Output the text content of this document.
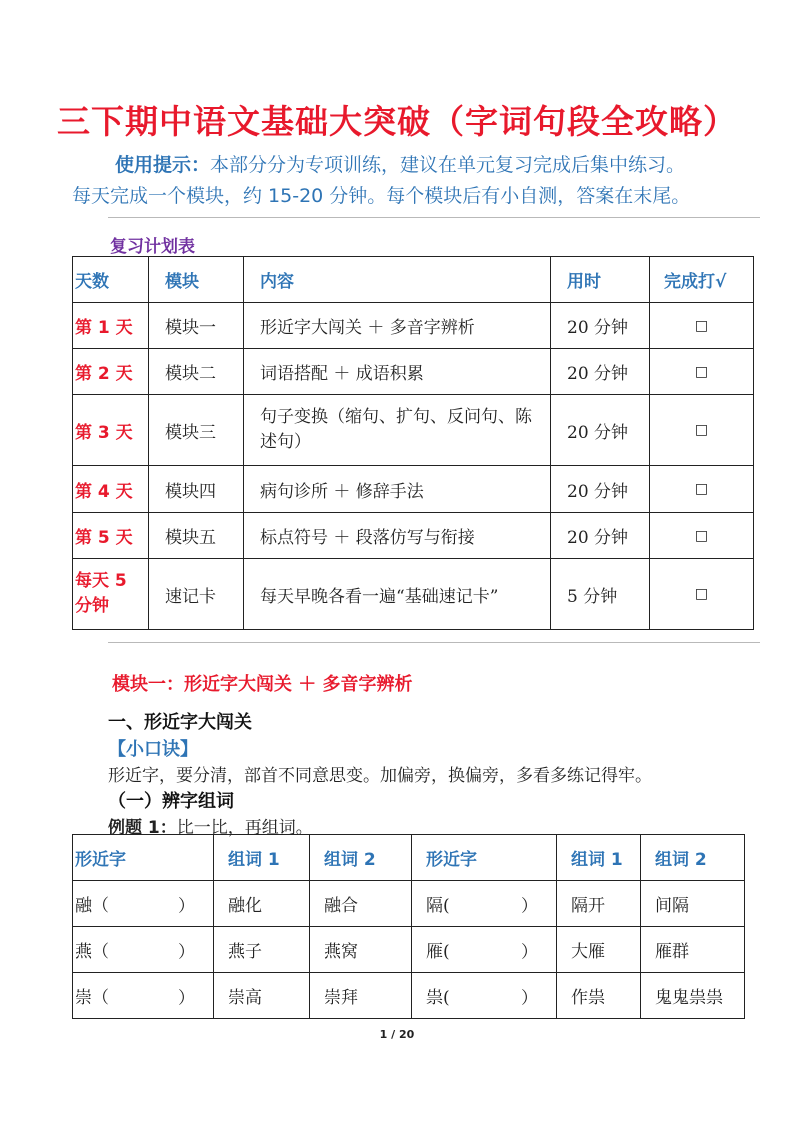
三下期中语文基础大突破（字词句段全攻略）
使用提示：本部分分为专项训练，建议在单元复习完成后集中练习。
每天完成一个模块，约 15-20 分钟。每个模块后有小自测，答案在末尾。
复习计划表
天数	模块	内容	用时	完成打√
第 1 天	模块一	形近字大闯关 ＋ 多音字辨析	20 分钟	□
第 2 天	模块二	词语搭配 ＋ 成语积累	20 分钟	□
第 3 天	模块三	句子变换（缩句、扩句、反问句、陈述句）	20 分钟	□
第 4 天	模块四	病句诊所 ＋ 修辞手法	20 分钟	□
第 5 天	模块五	标点符号 ＋ 段落仿写与衔接	20 分钟	□
每天 5 分钟	速记卡	每天早晚各看一遍“基础速记卡”	5 分钟	□
模块一：形近字大闯关 ＋ 多音字辨析
一、形近字大闯关
【小口诀】
形近字，要分清，部首不同意思变。加偏旁，换偏旁，多看多练记得牢。
（一）辨字组词
例题 1：比一比，再组词。
形近字	组词 1	组词 2	形近字	组词 1	组词 2
融（ ）	融化	融合	隔( ）	隔开	间隔
燕（ ）	燕子	燕窝	雁( ）	大雁	雁群
崇（ ）	崇高	崇拜	祟( ）	作祟	鬼鬼祟祟
1 / 20
